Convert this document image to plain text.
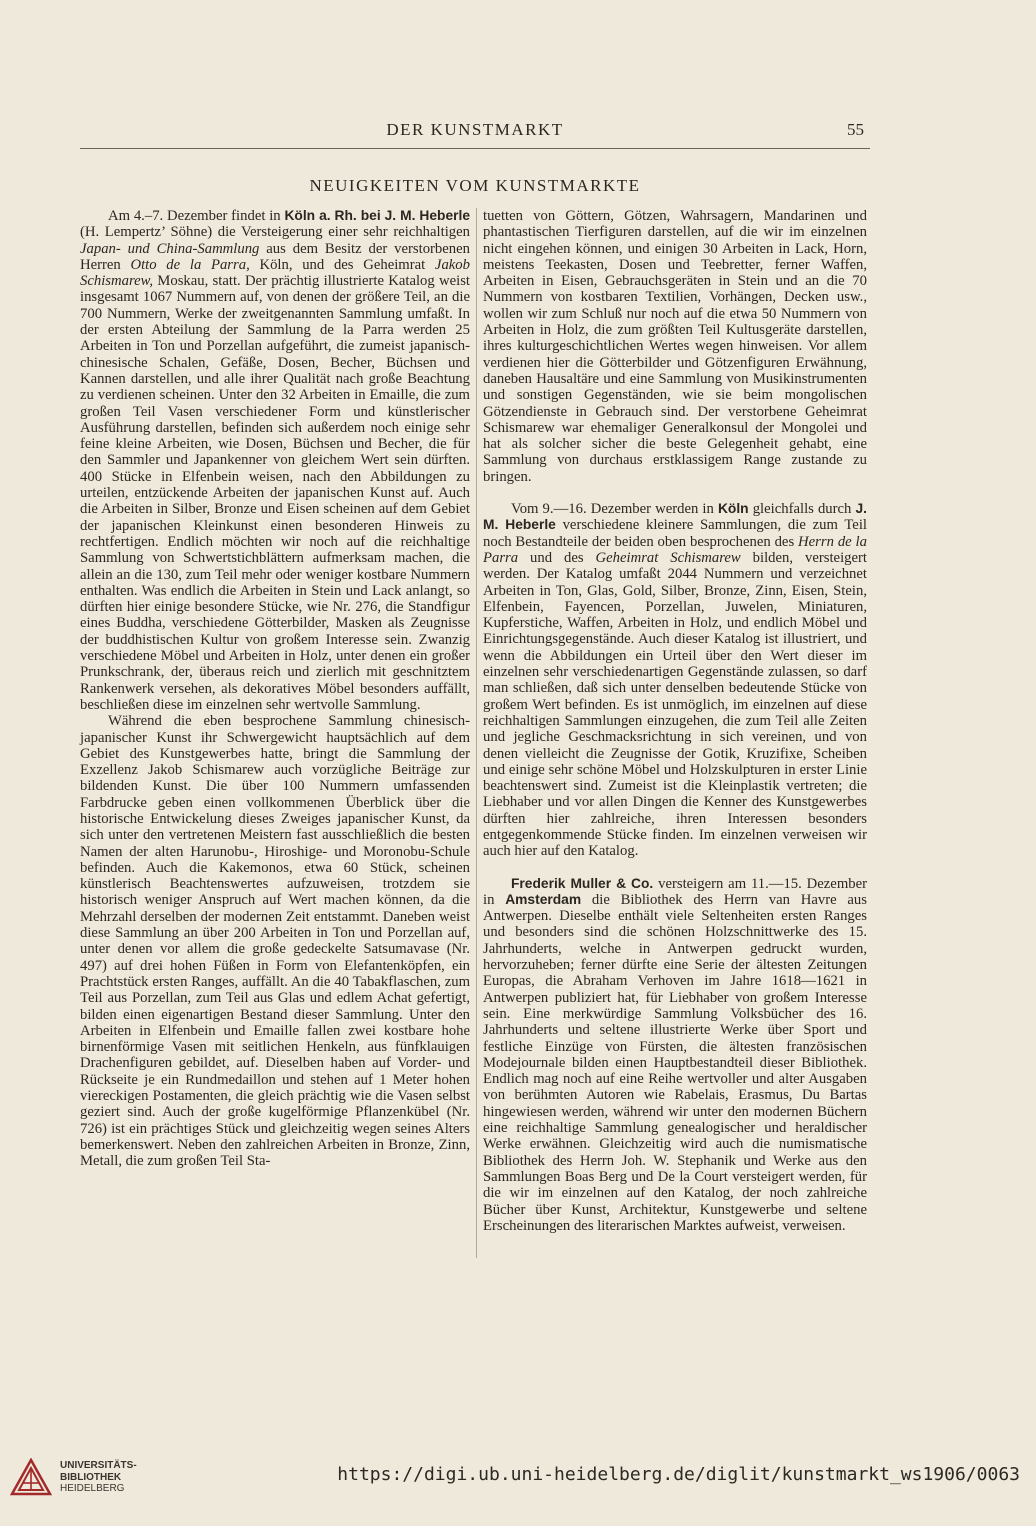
DER KUNSTMARKT	55
NEUIGKEITEN VOM KUNSTMARKTE

Am 4.–7. Dezember findet in Köln a. Rh. bei J. M. Heberle (H. Lempertz’ Söhne) die Versteigerung einer sehr reichhaltigen Japan- und China-Sammlung aus dem Besitz der verstorbenen Herren Otto de la Parra, Köln, und des Geheimrat Jakob Schismarew, Moskau, statt. Der prächtig illustrierte Katalog weist insgesamt 1067 Nummern auf, von denen der größere Teil, an die 700 Nummern, Werke der zweitgenannten Sammlung umfaßt. In der ersten Abteilung der Sammlung de la Parra werden 25 Arbeiten in Ton und Porzellan aufgeführt, die zumeist japanisch-chinesische Schalen, Gefäße, Dosen, Becher, Büchsen und Kannen darstellen, und alle ihrer Qualität nach große Beachtung zu verdienen scheinen. Unter den 32 Arbeiten in Emaille, die zum großen Teil Vasen verschiedener Form und künstlerischer Ausführung darstellen, befinden sich außerdem noch einige sehr feine kleine Arbeiten, wie Dosen, Büchsen und Becher, die für den Sammler und Japankenner von gleichem Wert sein dürften. 400 Stücke in Elfenbein weisen, nach den Abbildungen zu urteilen, entzückende Arbeiten der japanischen Kunst auf. Auch die Arbeiten in Silber, Bronze und Eisen scheinen auf dem Gebiet der japanischen Kleinkunst einen besonderen Hinweis zu rechtfertigen. Endlich möchten wir noch auf die reichhaltige Sammlung von Schwertstichblättern aufmerksam machen, die allein an die 130, zum Teil mehr oder weniger kostbare Nummern enthalten. Was endlich die Arbeiten in Stein und Lack anlangt, so dürften hier einige besondere Stücke, wie Nr. 276, die Standfigur eines Buddha, verschiedene Götterbilder, Masken als Zeugnisse der buddhistischen Kultur von großem Interesse sein. Zwanzig verschiedene Möbel und Arbeiten in Holz, unter denen ein großer Prunkschrank, der, überaus reich und zierlich mit geschnitztem Rankenwerk versehen, als dekoratives Möbel besonders auffällt, beschließen diese im einzelnen sehr wertvolle Sammlung.

Während die eben besprochene Sammlung chinesisch-japanischer Kunst ihr Schwergewicht hauptsächlich auf dem Gebiet des Kunstgewerbes hatte, bringt die Sammlung der Exzellenz Jakob Schismarew auch vorzügliche Beiträge zur bildenden Kunst. Die über 100 Nummern umfassenden Farbdrucke geben einen vollkommenen Überblick über die historische Entwickelung dieses Zweiges japanischer Kunst, da sich unter den vertretenen Meistern fast ausschließlich die besten Namen der alten Harunobu-, Hiroshige- und Moronobu-Schule befinden. Auch die Kakemonos, etwa 60 Stück, scheinen künstlerisch Beachtenswertes aufzuweisen, trotzdem sie historisch weniger Anspruch auf Wert machen können, da die Mehrzahl derselben der modernen Zeit entstammt. Daneben weist diese Sammlung an über 200 Arbeiten in Ton und Porzellan auf, unter denen vor allem die große gedeckelte Satsumavase (Nr. 497) auf drei hohen Füßen in Form von Elefantenköpfen, ein Prachtstück ersten Ranges, auffällt. An die 40 Tabakflaschen, zum Teil aus Porzellan, zum Teil aus Glas und edlem Achat gefertigt, bilden einen eigenartigen Bestand dieser Sammlung. Unter den Arbeiten in Elfenbein und Emaille fallen zwei kostbare hohe birnenförmige Vasen mit seitlichen Henkeln, aus fünfklauigen Drachenfiguren gebildet, auf. Dieselben haben auf Vorder- und Rückseite je ein Rundmedaillon und stehen auf 1 Meter hohen viereckigen Postamenten, die gleich prächtig wie die Vasen selbst geziert sind. Auch der große kugelförmige Pflanzenkübel (Nr. 726) ist ein prächtiges Stück und gleichzeitig wegen seines Alters bemerkenswert. Neben den zahlreichen Arbeiten in Bronze, Zinn, Metall, die zum großen Teil Sta-

tuetten von Göttern, Götzen, Wahrsagern, Mandarinen und phantastischen Tierfiguren darstellen, auf die wir im einzelnen nicht eingehen können, und einigen 30 Arbeiten in Lack, Horn, meistens Teekasten, Dosen und Teebretter, ferner Waffen, Arbeiten in Eisen, Gebrauchsgeräten in Stein und an die 70 Nummern von kostbaren Textilien, Vorhängen, Decken usw., wollen wir zum Schluß nur noch auf die etwa 50 Nummern von Arbeiten in Holz, die zum größten Teil Kultusgeräte darstellen, ihres kulturgeschichtlichen Wertes wegen hinweisen. Vor allem verdienen hier die Götterbilder und Götzenfiguren Erwähnung, daneben Hausaltäre und eine Sammlung von Musikinstrumenten und sonstigen Gegenständen, wie sie beim mongolischen Götzendienste in Gebrauch sind. Der verstorbene Geheimrat Schismarew war ehemaliger Generalkonsul der Mongolei und hat als solcher sicher die beste Gelegenheit gehabt, eine Sammlung von durchaus erstklassigem Range zustande zu bringen.

Vom 9.—16. Dezember werden in Köln gleichfalls durch J. M. Heberle verschiedene kleinere Sammlungen, die zum Teil noch Bestandteile der beiden oben besprochenen des Herrn de la Parra und des Geheimrat Schismarew bilden, versteigert werden. Der Katalog umfaßt 2044 Nummern und verzeichnet Arbeiten in Ton, Glas, Gold, Silber, Bronze, Zinn, Eisen, Stein, Elfenbein, Fayencen, Porzellan, Juwelen, Miniaturen, Kupferstiche, Waffen, Arbeiten in Holz, und endlich Möbel und Einrichtungsgegenstände. Auch dieser Katalog ist illustriert, und wenn die Abbildungen ein Urteil über den Wert dieser im einzelnen sehr verschiedenartigen Gegenstände zulassen, so darf man schließen, daß sich unter denselben bedeutende Stücke von großem Wert befinden. Es ist unmöglich, im einzelnen auf diese reichhaltigen Sammlungen einzugehen, die zum Teil alle Zeiten und jegliche Geschmacksrichtung in sich vereinen, und von denen vielleicht die Zeugnisse der Gotik, Kruzifixe, Scheiben und einige sehr schöne Möbel und Holzskulpturen in erster Linie beachtenswert sind. Zumeist ist die Kleinplastik vertreten; die Liebhaber und vor allen Dingen die Kenner des Kunstgewerbes dürften hier zahlreiche, ihren Interessen besonders entgegenkommende Stücke finden. Im einzelnen verweisen wir auch hier auf den Katalog.

Frederik Muller & Co. versteigern am 11.—15. Dezember in Amsterdam die Bibliothek des Herrn van Havre aus Antwerpen. Dieselbe enthält viele Seltenheiten ersten Ranges und besonders sind die schönen Holzschnittwerke des 15. Jahrhunderts, welche in Antwerpen gedruckt wurden, hervorzuheben; ferner dürfte eine Serie der ältesten Zeitungen Europas, die Abraham Verhoven im Jahre 1618—1621 in Antwerpen publiziert hat, für Liebhaber von großem Interesse sein. Eine merkwürdige Sammlung Volksbücher des 16. Jahrhunderts und seltene illustrierte Werke über Sport und festliche Einzüge von Fürsten, die ältesten französischen Modejournale bilden einen Hauptbestandteil dieser Bibliothek. Endlich mag noch auf eine Reihe wertvoller und alter Ausgaben von berühmten Autoren wie Rabelais, Erasmus, Du Bartas hingewiesen werden, während wir unter den modernen Büchern eine reichhaltige Sammlung genealogischer und heraldischer Werke erwähnen. Gleichzeitig wird auch die numismatische Bibliothek des Herrn Joh. W. Stephanik und Werke aus den Sammlungen Boas Berg und De la Court versteigert werden, für die wir im einzelnen auf den Katalog, der noch zahlreiche Bücher über Kunst, Architektur, Kunstgewerbe und seltene Erscheinungen des literarischen Marktes aufweist, verweisen.

UNIVERSITÄTS-
BIBLIOTHEK
HEIDELBERG
https://digi.ub.uni-heidelberg.de/diglit/kunstmarkt_ws1906/0063
